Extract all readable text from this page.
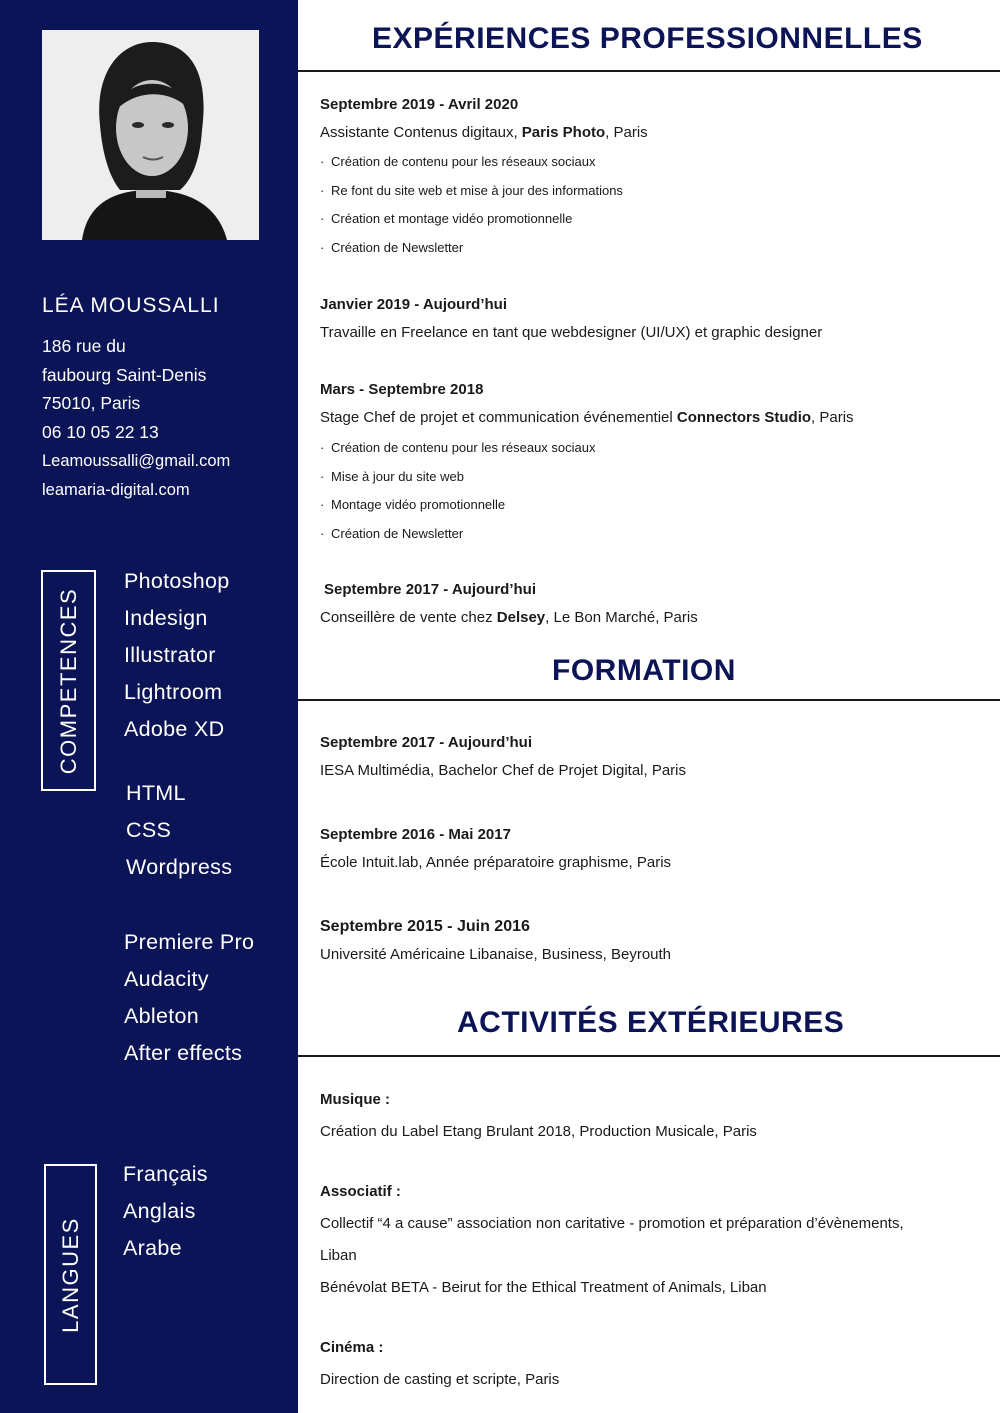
LÉA MOUSSALLI
186 rue du
faubourg Saint-Denis
75010, Paris
06 10 05 22 13
Leamoussalli@gmail.com
leamaria-digital.com
COMPETENCES
Photoshop
Indesign
Illustrator
Lightroom
Adobe XD
HTML
CSS
Wordpress
Premiere Pro
Audacity
Ableton
After effects
LANGUES
Français
Anglais
Arabe
EXPÉRIENCES PROFESSIONNELLES
Septembre 2019 - Avril 2020
Assistante Contenus digitaux, Paris Photo, Paris
· Création de contenu pour les réseaux sociaux
· Re font du site web et mise à jour des informations
· Création et montage vidéo promotionnelle
· Création de Newsletter
Janvier 2019 - Aujourd’hui
Travaille en Freelance en tant que webdesigner (UI/UX) et graphic designer
Mars - Septembre 2018
Stage Chef de projet et communication événementiel Connectors Studio, Paris
· Création de contenu pour les réseaux sociaux
· Mise à jour du site web
· Montage vidéo promotionnelle
· Création de Newsletter
Septembre 2017 - Aujourd’hui
Conseillère de vente chez Delsey, Le Bon Marché, Paris
FORMATION
Septembre 2017 - Aujourd’hui
IESA Multimédia, Bachelor Chef de Projet Digital, Paris
Septembre 2016 - Mai 2017
École Intuit.lab, Année préparatoire graphisme, Paris
Septembre 2015 - Juin 2016
Université Américaine Libanaise, Business, Beyrouth
ACTIVITÉS EXTÉRIEURES
Musique :
Création du Label Etang Brulant 2018, Production Musicale, Paris
Associatif :
Collectif “4 a cause” association non caritative - promotion et préparation d’évènements,
Liban
Bénévolat BETA - Beirut for the Ethical Treatment of Animals, Liban
Cinéma :
Direction de casting et scripte, Paris
